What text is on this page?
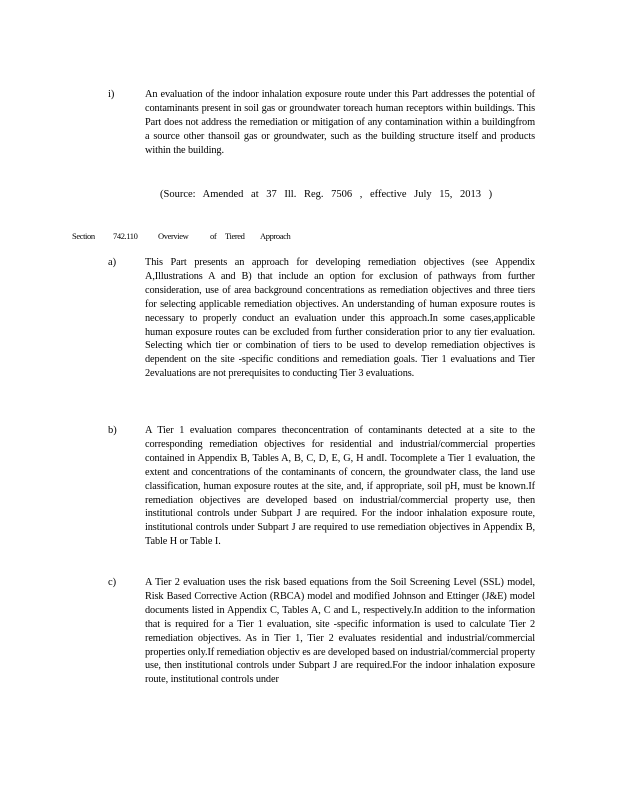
i)	An evaluation of the indoor inhalation exposure route under this Part addresses the potential of contaminants present in soil gas or groundwater toreach human receptors within buildings. This Part does not address the remediation or mitigation of any contamination within a buildingfrom a source other thansoil gas or groundwater, such as the building structure itself and products within the building.
(Source: Amended at 37 Ill. Reg. 7506 , effective July 15, 2013 )
Section 742.110 Overview	of Tiered Approach
a)	This Part presents an approach for developing remediation objectives (see Appendix A,Illustrations A and B) that include an option for exclusion of pathways from further consideration, use of area background concentrations as remediation objectives and three tiers for selecting applicable remediation objectives. An understanding of human exposure routes is necessary to properly conduct an evaluation under this approach.In some cases,applicable human exposure routes can be excluded from further consideration prior to any tier evaluation. Selecting which tier or combination of tiers to be used to develop remediation objectives is dependent on the site -specific conditions and remediation goals. Tier 1 evaluations and Tier 2evaluations are not prerequisites to conducting Tier 3 evaluations.
b)	A Tier 1 evaluation compares theconcentration of contaminants detected at a site to the corresponding remediation objectives for residential and industrial/commercial properties contained in Appendix B, Tables A, B, C, D, E, G, H andI. Tocomplete a Tier 1 evaluation, the extent and concentrations of the contaminants of concern, the groundwater class, the land use classification, human exposure routes at the site, and, if appropriate, soil pH, must be known.If remediation objectives are developed based on industrial/commercial property use, then institutional controls under Subpart J are required. For the indoor inhalation exposure route, institutional controls under Subpart J are required to use remediation objectives in Appendix B, Table H or Table I.
c)	A Tier 2 evaluation uses the risk based equations from the Soil Screening Level (SSL) model, Risk Based Corrective Action (RBCA) model and modified Johnson and Ettinger (J&E) model documents listed in Appendix C, Tables A, C and L, respectively.In addition to the information that is required for a Tier 1 evaluation, site -specific information is used to calculate Tier 2 remediation objectives. As in Tier 1, Tier 2 evaluates residential and industrial/commercial properties only.If remediation objectiv es are developed based on industrial/commercial property use, then institutional controls under Subpart J are required.For the indoor inhalation exposure route, institutional controls under
